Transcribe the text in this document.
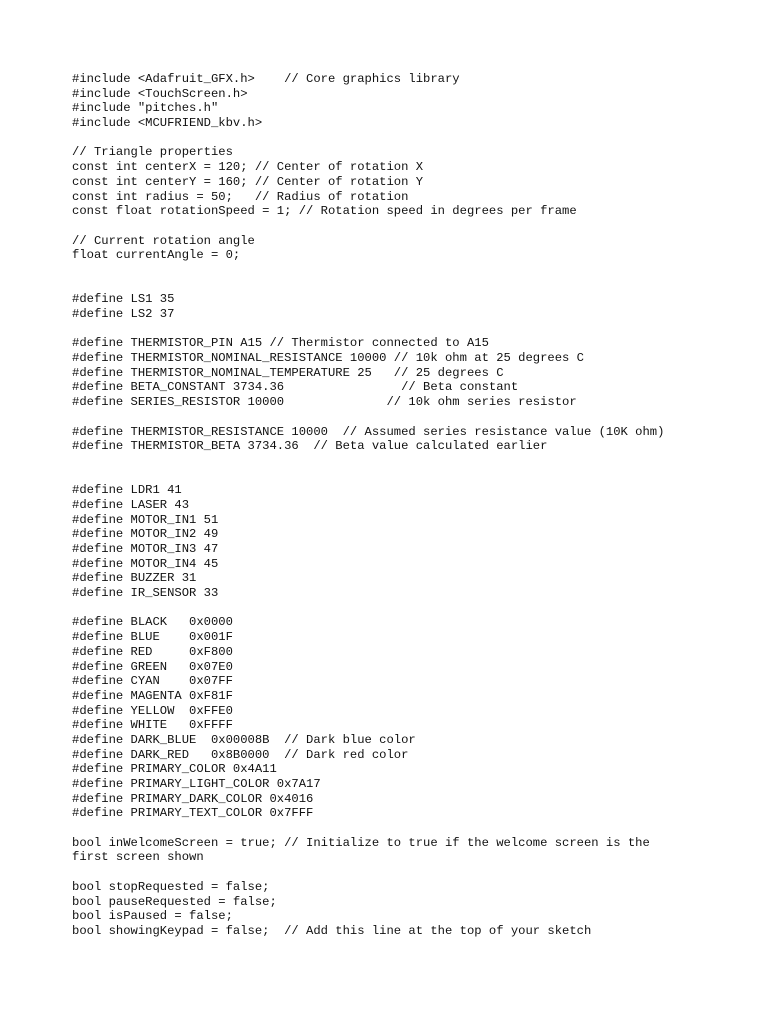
#include <Adafruit_GFX.h>    // Core graphics library
#include <TouchScreen.h>
#include "pitches.h"
#include <MCUFRIEND_kbv.h>
// Triangle properties
const int centerX = 120; // Center of rotation X
const int centerY = 160; // Center of rotation Y
const int radius = 50;   // Radius of rotation
const float rotationSpeed = 1; // Rotation speed in degrees per frame
// Current rotation angle
float currentAngle = 0;
#define LS1 35
#define LS2 37
#define THERMISTOR_PIN A15 // Thermistor connected to A15
#define THERMISTOR_NOMINAL_RESISTANCE 10000 // 10k ohm at 25 degrees C
#define THERMISTOR_NOMINAL_TEMPERATURE 25   // 25 degrees C
#define BETA_CONSTANT 3734.36                // Beta constant
#define SERIES_RESISTOR 10000              // 10k ohm series resistor
#define THERMISTOR_RESISTANCE 10000  // Assumed series resistance value (10K ohm)
#define THERMISTOR_BETA 3734.36  // Beta value calculated earlier
#define LDR1 41
#define LASER 43
#define MOTOR_IN1 51
#define MOTOR_IN2 49
#define MOTOR_IN3 47
#define MOTOR_IN4 45
#define BUZZER 31
#define IR_SENSOR 33
#define BLACK   0x0000
#define BLUE    0x001F
#define RED     0xF800
#define GREEN   0x07E0
#define CYAN    0x07FF
#define MAGENTA 0xF81F
#define YELLOW  0xFFE0
#define WHITE   0xFFFF
#define DARK_BLUE  0x00008B  // Dark blue color
#define DARK_RED   0x8B0000  // Dark red color
#define PRIMARY_COLOR 0x4A11
#define PRIMARY_LIGHT_COLOR 0x7A17
#define PRIMARY_DARK_COLOR 0x4016
#define PRIMARY_TEXT_COLOR 0x7FFF
bool inWelcomeScreen = true; // Initialize to true if the welcome screen is the
first screen shown
bool stopRequested = false;
bool pauseRequested = false;
bool isPaused = false;
bool showingKeypad = false;  // Add this line at the top of your sketch
